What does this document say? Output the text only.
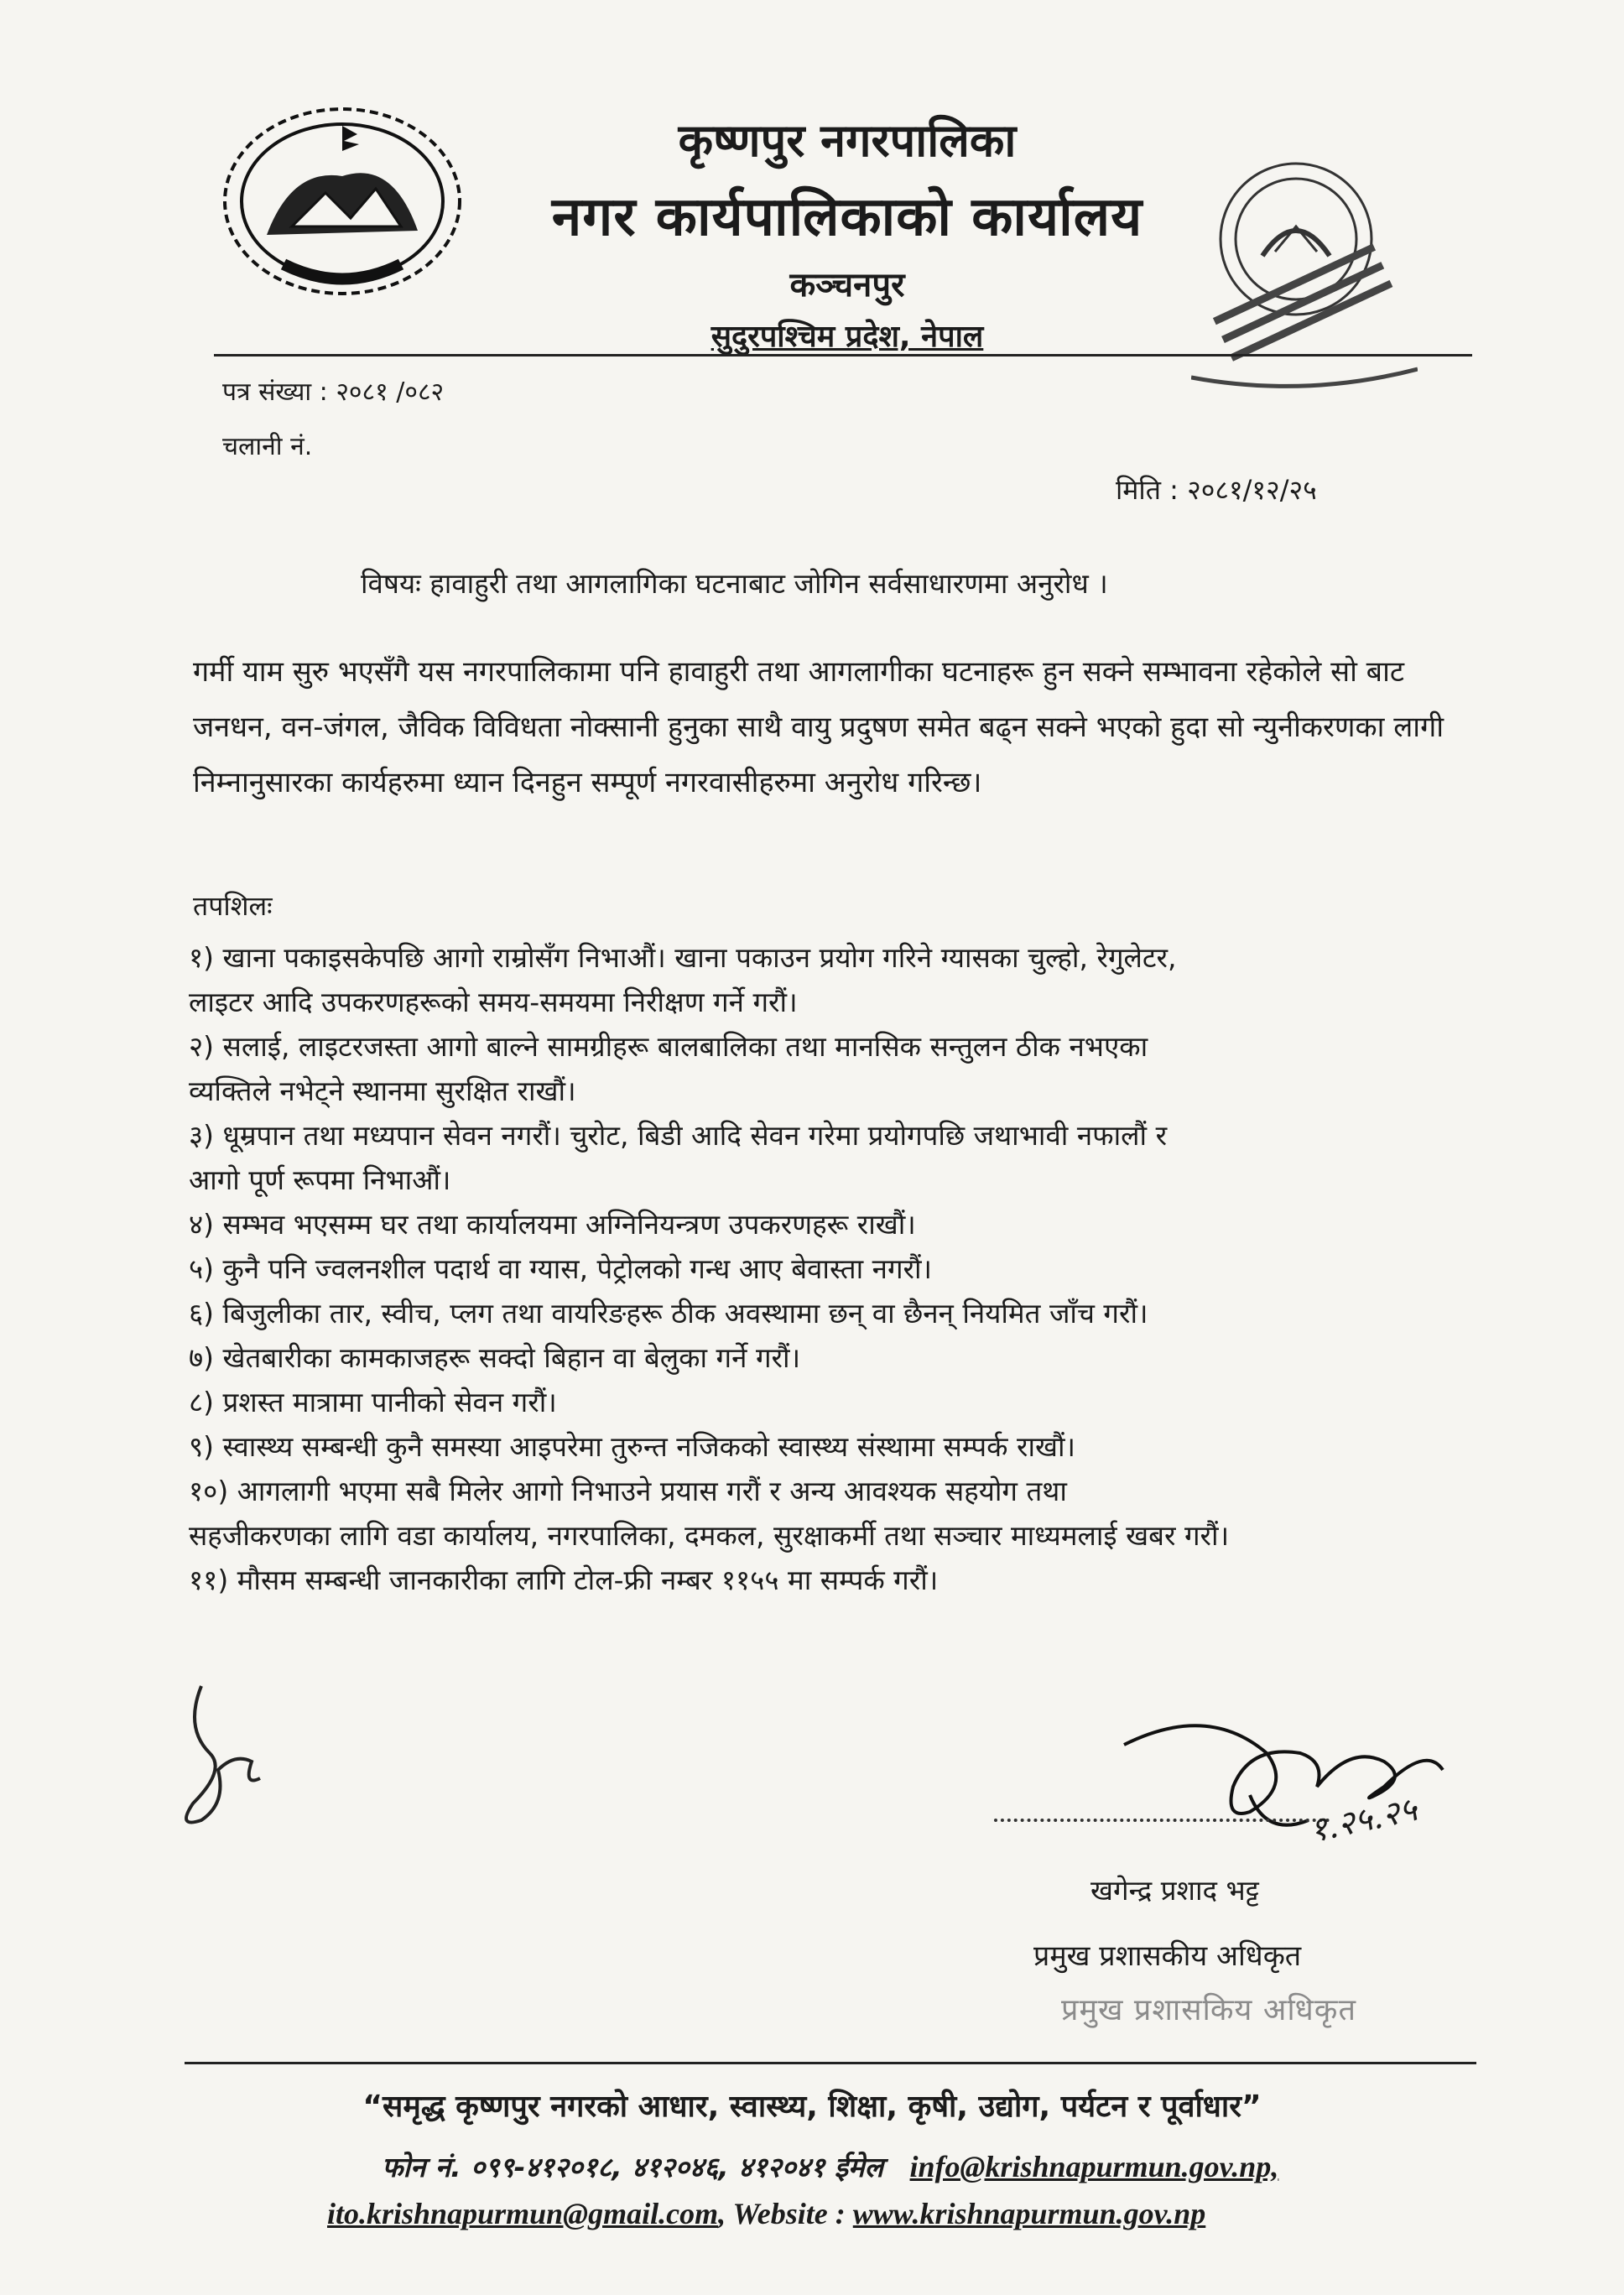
कृष्णपुर नगरपालिका
नगर कार्यपालिकाको कार्यालय
कञ्चनपुर
सुदुरपश्चिम प्रदेश, नेपाल
पत्र संख्या : २०८१ /०८२
चलानी नं.
मिति : २०८१/१२/२५
विषयः हावाहुरी तथा आगलागिका घटनाबाट जोगिन सर्वसाधारणमा अनुरोध ।
गर्मी याम सुरु भएसँगै यस नगरपालिकामा पनि हावाहुरी तथा आगलागीका घटनाहरू हुन सक्ने सम्भावना रहेकोले सो बाट जनधन, वन-जंगल, जैविक विविधता नोक्सानी हुनुका साथै वायु प्रदुषण समेत बढ्न सक्ने भएको हुदा सो न्युनीकरणका लागी निम्नानुसारका कार्यहरुमा ध्यान दिनहुन सम्पूर्ण नगरवासीहरुमा अनुरोध गरिन्छ।
तपशिलः
१) खाना पकाइसकेपछि आगो राम्रोसँग निभाऔं। खाना पकाउन प्रयोग गरिने ग्यासका चुल्हो, रेगुलेटर,
लाइटर आदि उपकरणहरूको समय-समयमा निरीक्षण गर्ने गरौं।
२) सलाई, लाइटरजस्ता आगो बाल्ने सामग्रीहरू बालबालिका तथा मानसिक सन्तुलन ठीक नभएका
व्यक्तिले नभेट्ने स्थानमा सुरक्षित राखौं।
३) धूम्रपान तथा मध्यपान सेवन नगरौं। चुरोट, बिडी आदि सेवन गरेमा प्रयोगपछि जथाभावी नफालौं र
आगो पूर्ण रूपमा निभाऔं।
४) सम्भव भएसम्म घर तथा कार्यालयमा अग्निनियन्त्रण उपकरणहरू राखौं।
५) कुनै पनि ज्वलनशील पदार्थ वा ग्यास, पेट्रोलको गन्ध आए बेवास्ता नगरौं।
६) बिजुलीका तार, स्वीच, प्लग तथा वायरिङहरू ठीक अवस्थामा छन् वा छैनन् नियमित जाँच गरौं।
७) खेतबारीका कामकाजहरू सक्दो बिहान वा बेलुका गर्ने गरौं।
८) प्रशस्त मात्रामा पानीको सेवन गरौं।
९) स्वास्थ्य सम्बन्धी कुनै समस्या आइपरेमा तुरुन्त नजिकको स्वास्थ्य संस्थामा सम्पर्क राखौं।
१०) आगलागी भएमा सबै मिलेर आगो निभाउने प्रयास गरौं र अन्य आवश्यक सहयोग तथा
सहजीकरणका लागि वडा कार्यालय, नगरपालिका, दमकल, सुरक्षाकर्मी तथा सञ्चार माध्यमलाई खबर गरौं।
११) मौसम सम्बन्धी जानकारीका लागि टोल-फ्री नम्बर ११५५ मा सम्पर्क गरौं।
१.२५.२५
खगेन्द्र प्रशाद भट्ट
प्रमुख प्रशासकीय अधिकृत
प्रमुख प्रशासकिय अधिकृत
“समृद्ध कृष्णपुर नगरको आधार, स्वास्थ्य, शिक्षा, कृषी, उद्योग, पर्यटन र पूर्वाधार”
फोन नं. ०९९-४१२०१८, ४१२०४६, ४१२०४१ ईमेल info@krishnapurmun.gov.np,
ito.krishnapurmun@gmail.com, Website : www.krishnapurmun.gov.np
